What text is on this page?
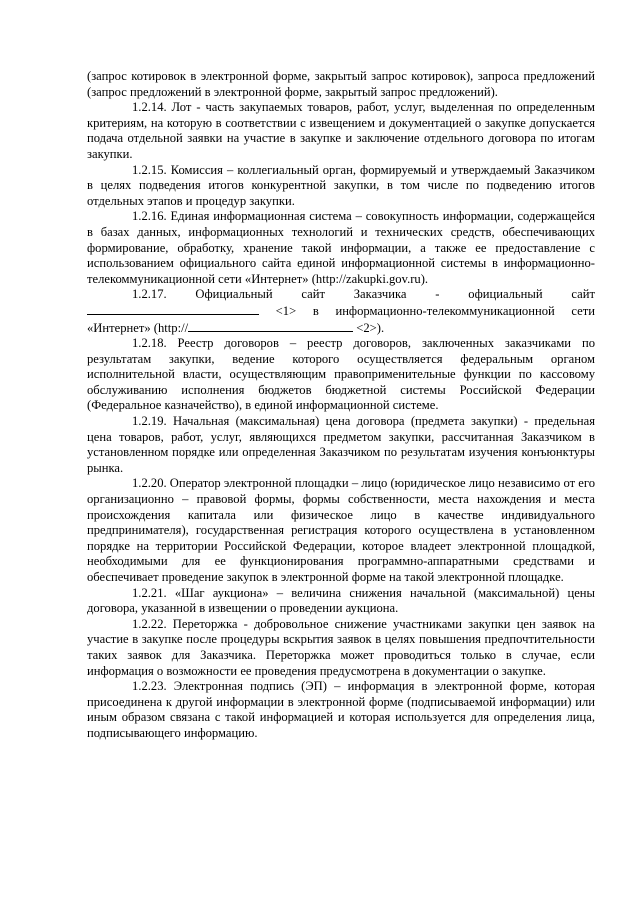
(запрос котировок в электронной форме, закрытый запрос котировок), запроса предложений (запрос предложений в электронной форме, закрытый запрос предложений).

1.2.14. Лот - часть закупаемых товаров, работ, услуг, выделенная по определенным критериям, на которую в соответствии с извещением и документацией о закупке допускается подача отдельной заявки на участие в закупке и заключение отдельного договора по итогам закупки.

1.2.15. Комиссия – коллегиальный орган, формируемый и утверждаемый Заказчиком в целях подведения итогов конкурентной закупки, в том числе по подведению итогов отдельных этапов и процедур закупки.

1.2.16. Единая информационная система – совокупность информации, содержащейся в базах данных, информационных технологий и технических средств, обеспечивающих формирование, обработку, хранение такой информации, а также ее предоставление с использованием официального сайта единой информационной системы в информационно-телекоммуникационной сети «Интернет» (http://zakupki.gov.ru).

1.2.17. Официальный сайт Заказчика - официальный сайт  <1> в информационно-телекоммуникационной сети «Интернет» (http://	<2>).

1.2.18. Реестр договоров – реестр договоров, заключенных заказчиками по результатам закупки, ведение которого осуществляется федеральным органом исполнительной власти, осуществляющим правоприменительные функции по кассовому обслуживанию исполнения бюджетов бюджетной системы Российской Федерации (Федеральное казначейство), в единой информационной системе.

1.2.19. Начальная (максимальная) цена договора (предмета закупки) - предельная цена товаров, работ, услуг, являющихся предметом закупки, рассчитанная Заказчиком в установленном порядке или определенная Заказчиком по результатам изучения конъюнктуры рынка.

1.2.20. Оператор электронной площадки – лицо (юридическое лицо независимо от его организационно – правовой формы, формы собственности, места нахождения и места происхождения капитала или физическое лицо в качестве индивидуального предпринимателя), государственная регистрация которого осуществлена в установленном порядке на территории Российской Федерации, которое владеет электронной площадкой, необходимыми для ее функционирования программно-аппаратными средствами и обеспечивает проведение закупок в электронной форме на такой электронной площадке.

1.2.21. «Шаг аукциона» – величина снижения начальной (максимальной) цены договора, указанной в извещении о проведении аукциона.

1.2.22. Переторжка - добровольное снижение участниками закупки цен заявок на участие в закупке после процедуры вскрытия заявок в целях повышения предпочтительности таких заявок для Заказчика. Переторжка может проводиться только в случае, если информация о возможности ее проведения предусмотрена в документации о закупке.

1.2.23. Электронная подпись (ЭП) – информация в электронной форме, которая присоединена к другой информации в электронной форме (подписываемой информации) или иным образом связана с такой информацией и которая используется для определения лица, подписывающего информацию.
